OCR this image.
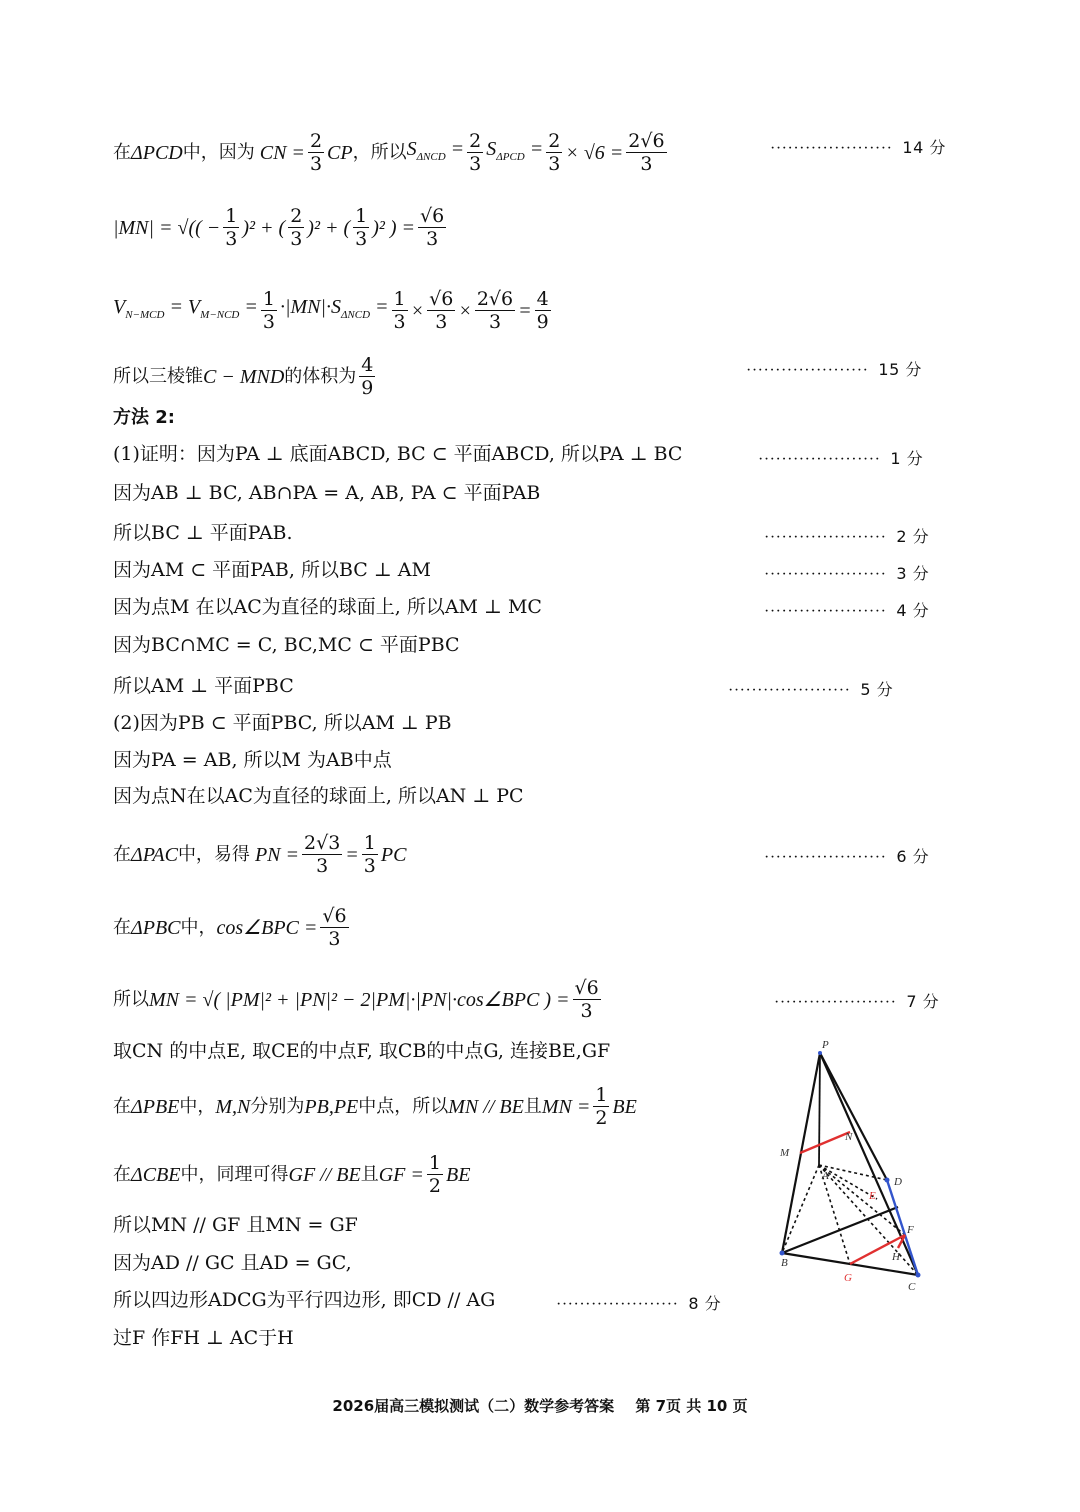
在 ΔPCD 中，因为 CN = $\frac{2}{3}$ CP ，所以 $S_{\Delta NCD} = \frac{2}{3} S_{\Delta PCD} = \frac{2}{3} \times √6 = \frac{2√6}{3}$	····················· 14 分
|MN| = √(( − $\frac{1}{3} )^2$ + ( $\frac{2}{3} )^2$ + ( $\frac{1}{3} )^2$ ) = $\frac{√6}{3}$
$V_{N-MCD} = V_{M-NCD} = \frac{1}{3} \cdot|MN|\cdot S_{\Delta NCD} = \frac{1}{3} \times \frac{√6}{3} \times \frac{2√6}{3} = \frac{4}{9}$
所以三棱锥 C − MND 的体积为 $\frac{4}{9}$	····················· 15 分
方法 2:
(1)证明：因为PA ⊥ 底面ABCD, BC ⊂ 平面ABCD, 所以PA ⊥ BC	····················· 1 分
因为AB ⊥ BC, AB∩PA = A, AB, PA ⊂ 平面PAB
所以BC ⊥ 平面PAB.	····················· 2 分
因为AM ⊂ 平面PAB, 所以BC ⊥ AM	····················· 3 分
因为点M 在以AC为直径的球面上, 所以AM ⊥ MC	····················· 4 分
因为BC∩MC = C, BC,MC ⊂ 平面PBC
所以AM ⊥ 平面PBC	····················· 5 分
(2)因为PB ⊂ 平面PBC, 所以AM ⊥ PB
因为PA = AB, 所以M 为AB中点
因为点N在以AC为直径的球面上, 所以AN ⊥ PC
在 ΔPAC 中，易得 PN = $\frac{2√3}{3} = \frac{1}{3}$ PC	····················· 6 分
在 ΔPBC 中， cos∠BPC = $\frac{√6}{3}$
所以 MN = √( |PM|² + |PN|² − 2|PM|·|PN|·cos∠BPC ) = $\frac{√6}{3}$	····················· 7 分
取CN 的中点E, 取CE的中点F, 取CB的中点G, 连接BE,GF
在 ΔPBE 中， M,N 分别为 PB,PE 中点，所以 MN // BE 且 MN = $\frac{1}{2}$ BE
在 ΔCBE 中，同理可得 GF // BE 且 GF = $\frac{1}{2}$ BE
所以MN // GF 且MN = GF
因为AD // GC 且AD = GC,
所以四边形ADCG为平行四边形, 即CD // AG	····················· 8 分
过F 作FH ⊥ AC于H
P
M
N
A	D
E
F
B
G
H
C
2026届高三模拟测试（二）数学参考答案 第 7页 共 10 页
